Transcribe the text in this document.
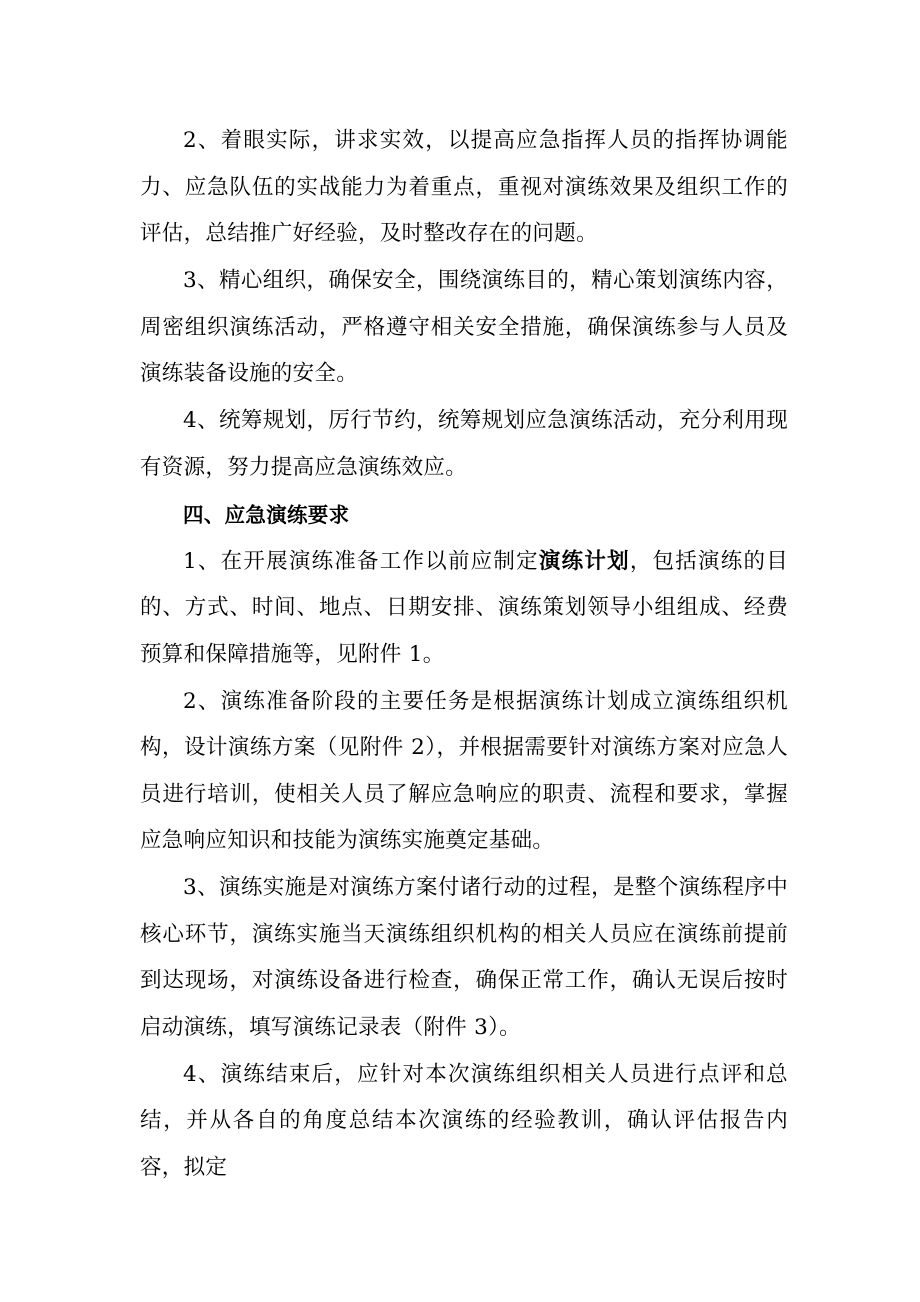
2、着眼实际，讲求实效，以提高应急指挥人员的指挥协调能力、应急队伍的实战能力为着重点，重视对演练效果及组织工作的评估，总结推广好经验，及时整改存在的问题。

3、精心组织，确保安全，围绕演练目的，精心策划演练内容，周密组织演练活动，严格遵守相关安全措施，确保演练参与人员及演练装备设施的安全。

4、统筹规划，厉行节约，统筹规划应急演练活动，充分利用现有资源，努力提高应急演练效应。

四、应急演练要求

1、在开展演练准备工作以前应制定演练计划，包括演练的目的、方式、时间、地点、日期安排、演练策划领导小组组成、经费预算和保障措施等，见附件 1。

2、演练准备阶段的主要任务是根据演练计划成立演练组织机构，设计演练方案（见附件 2），并根据需要针对演练方案对应急人员进行培训，使相关人员了解应急响应的职责、流程和要求，掌握应急响应知识和技能为演练实施奠定基础。

3、演练实施是对演练方案付诸行动的过程，是整个演练程序中核心环节，演练实施当天演练组织机构的相关人员应在演练前提前到达现场，对演练设备进行检查，确保正常工作，确认无误后按时启动演练，填写演练记录表（附件 3）。

4、演练结束后，应针对本次演练组织相关人员进行点评和总结，并从各自的角度总结本次演练的经验教训，确认评估报告内容，拟定
